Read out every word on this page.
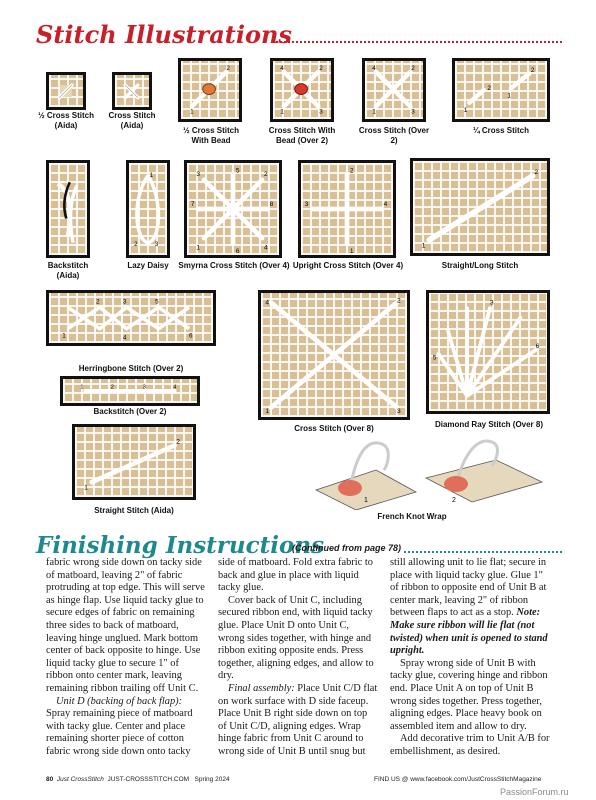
Stitch Illustrations
½ Cross Stitch (Aida)
Cross Stitch (Aida)
1
2
½ Cross Stitch With Bead
4	2
1	3
Cross Stitch With Bead (Over 2)
4	2
1	3
Cross Stitch (Over 2)
1
2
1
2
¼ Cross Stitch
Backstitch (Aida)
1
2 3
Lazy Daisy
1
2
3
4
5
6
7	8
Smyrna Cross Stitch (Over 4)
2
1
3	4
Upright Cross Stitch (Over 4)
1
2
Straight/Long Stitch
1
2	3
4
5
6
Herringbone Stitch (Over 2)
1	2	3	4
Backstitch (Over 2)
4	2
1	3
Cross Stitch (Over 8)
5
3
6
Diamond Ray Stitch (Over 8)
1
2
Straight Stitch (Aida)
1	2
French Knot Wrap
Finishing Instructions
(Continued from page 78)

fabric wrong side down on tacky side of matboard, leaving 2" of fabric protruding at top edge. This will serve as hinge flap. Use liquid tacky glue to secure edges of fabric on remaining three sides to back of matboard, leaving hinge unglued. Mark bottom center of back opposite to hinge. Use liquid tacky glue to secure 1" of ribbon onto center mark, leaving remaining ribbon trailing off Unit C.

Unit D (backing of back flap):

Spray remaining piece of matboard with tacky glue. Center and place remaining shorter piece of cotton fabric wrong side down onto tacky

side of matboard. Fold extra fabric to back and glue in place with liquid tacky glue.

Cover back of Unit C, including secured ribbon end, with liquid tacky glue. Place Unit D onto Unit C, wrong sides together, with hinge and ribbon exiting opposite ends. Press together, aligning edges, and allow to dry.

Final assembly: Place Unit C/D flat on work surface with D side faceup. Place Unit B right side down on top of Unit C/D, aligning edges. Wrap hinge fabric from Unit C around to wrong side of Unit B until snug but

still allowing unit to lie flat; secure in place with liquid tacky glue. Glue 1" of ribbon to opposite end of Unit B at center mark, leaving 2" of ribbon between flaps to act as a stop. Note: Make sure ribbon will lie flat (not twisted) when unit is opened to stand upright.

Spray wrong side of Unit B with tacky glue, covering hinge and ribbon end. Place Unit A on top of Unit B wrong sides together. Press together, aligning edges. Place heavy book on assembled item and allow to dry.

Add decorative trim to Unit A/B for embellishment, as desired.

80 Just CrossStitch JUST-CROSSSTITCH.COM Spring 2024	FIND US @ www.facebook.com/JustCrossStitchMagazine
PassionForum.ru
